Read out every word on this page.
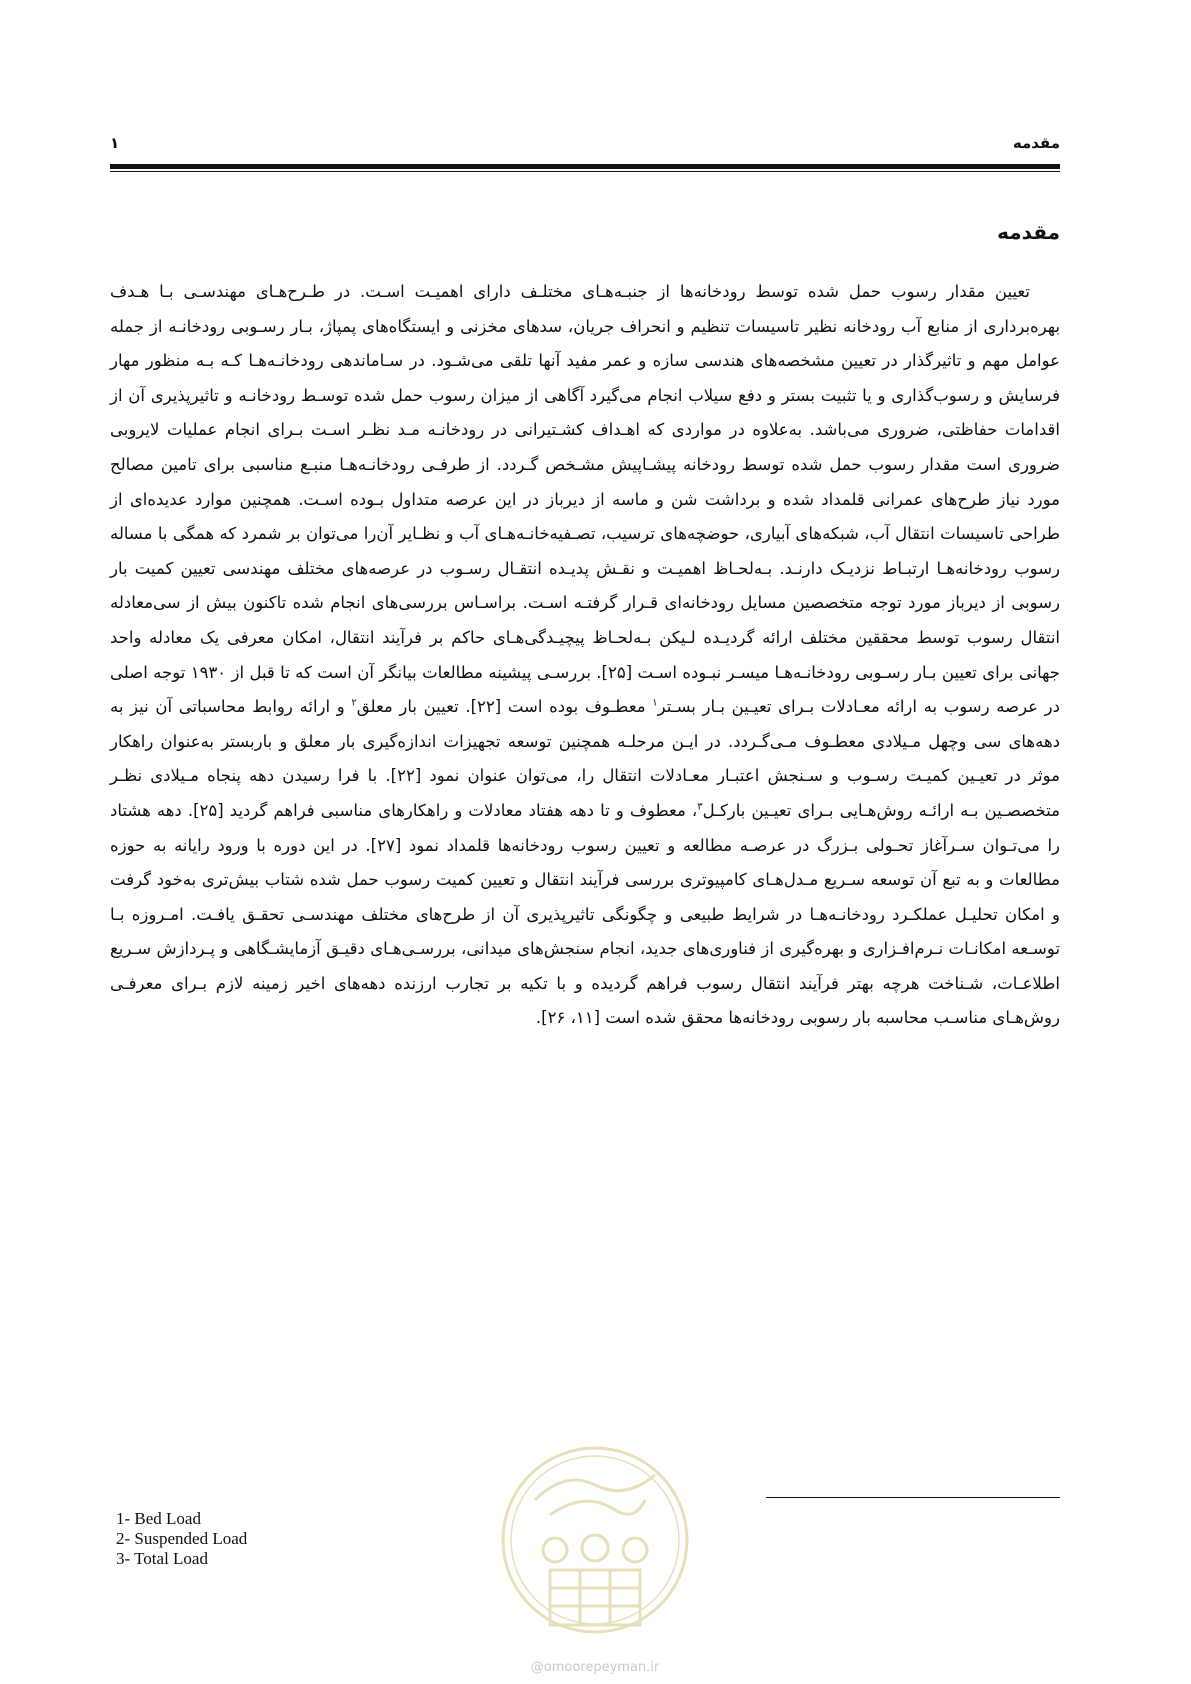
مقدمه
۱
مقدمه

تعیین مقدار رسوب حمل شده توسط رودخانه‌ها از جنبـه‌هـای مختلـف دارای اهمیـت اسـت. در طـرح‌هـای مهندسـی بـا هـدف بهره‌برداری از منابع آب رودخانه نظیر تاسیسات تنظیم و انحراف جریان، سدهای مخزنی و ایستگاه‌های پمپاژ، بـار رسـوبی رودخانـه از جمله عوامل مهم و تاثیرگذار در تعیین مشخصه‌های هندسی سازه و عمر مفید آنها تلقی می‌شـود. در سـاماندهی رودخانـه‌هـا کـه بـه منظور مهار فرسایش و رسوب‌گذاری و یا تثبیت بستر و دفع سیلاب انجام می‌گیرد آگاهی از میزان رسوب حمل شده توسـط رودخانـه و تاثیرپذیری آن از اقدامات حفاظتی، ضروری می‌باشد. به‌علاوه در مواردی که اهـداف کشـتیرانی در رودخانـه مـد نظـر اسـت بـرای انجام عملیات لایروبی ضروری است مقدار رسوب حمل شده توسط رودخانه پیشـاپیش مشـخص گـردد. از طرفـی رودخانـه‌هـا منبـع مناسبی برای تامین مصالح مورد نیاز طرح‌های عمرانی قلمداد شده و برداشت شن و ماسه از دیرباز در این عرصه متداول بـوده اسـت. همچنین موارد عدیده‌ای از طراحی تاسیسات انتقال آب، شبکه‌های آبیاری، حوضچه‌های ترسیب، تصـفیه‌خانـه‌هـای آب و نظـایر آن‌را می‌توان بر شمرد که همگی با مساله رسوب رودخانه‌هـا ارتبـاط نزدیـک دارنـد. بـه‌لحـاظ اهمیـت و نقـش پدیـده انتقـال رسـوب در عرصه‌های مختلف مهندسی تعیین کمیت بار رسوبی از دیرباز مورد توجه متخصصین مسایل رودخانه‌ای قـرار گرفتـه اسـت. براسـاس بررسی‌های انجام شده تاکنون بیش از سی‌معادله انتقال رسوب توسط محققین مختلف ارائه گردیـده لـیکن بـه‌لحـاظ پیچیـدگی‌هـای حاکم بر فرآیند انتقال، امکان معرفی یک معادله واحد جهانی برای تعیین بـار رسـوبی رودخانـه‌هـا میسـر نبـوده اسـت [۲۵]. بررسـی پیشینه مطالعات بیانگر آن است که تا قبل از ۱۹۳۰ توجه اصلی در عرصه رسوب به ارائه معـادلات بـرای تعیـین بـار بسـتر$^۱$ معطـوف بوده است [۲۲]. تعیین بار معلق$^۲$ و ارائه روابط محاسباتی آن نیز به دهه‌های سی وچهل مـیلادی معطـوف مـی‌گـردد. در ایـن مرحلـه همچنین توسعه تجهیزات اندازه‌گیری بار معلق و باربستر به‌عنوان راهکار موثر در تعیـین کمیـت رسـوب و سـنجش اعتبـار معـادلات انتقال را، می‌توان عنوان نمود [۲۲]. با فرا رسیدن دهه پنجاه مـیلادی نظـر متخصصـین بـه ارائـه روش‌هـایی بـرای تعیـین بارکـل$^۳$، معطوف و تا دهه هفتاد معادلات و راهکارهای مناسبی فراهم گردید [۲۵]. دهه هشتاد را می‌تـوان سـرآغاز تحـولی بـزرگ در عرصـه مطالعه و تعیین رسوب رودخانه‌ها قلمداد نمود [۲۷]. در این دوره با ورود رایانه به حوزه مطالعات و به تبع آن توسعه سـریع مـدل‌هـای کامپیوتری بررسی فرآیند انتقال و تعیین کمیت رسوب حمل شده شتاب بیش‌تری به‌خود گرفت و امکان تحلیـل عملکـرد رودخانـه‌هـا در شرایط طبیعی و چگونگی تاثیرپذیری آن از طرح‌های مختلف مهندسـی تحقـق یافـت. امـروزه بـا توسـعه امکانـات نـرم‌افـزاری و بهره‌گیری از فناوری‌های جدید، انجام سنجش‌های میدانی، بررسـی‌هـای دقیـق آزمایشـگاهی و پـردازش سـریع اطلاعـات، شـناخت هرچه بهتر فرآیند انتقال رسوب فراهم گردیده و با تکیه بر تجارب ارزنده دهه‌های اخیر زمینه لازم بـرای معرفـی روش‌هـای مناسـب محاسبه بار رسوبی رودخانه‌ها محقق شده است [۱۱، ۲۶].

1- Bed Load
2- Suspended Load
3- Total Load
@omoorepeyman.ir
